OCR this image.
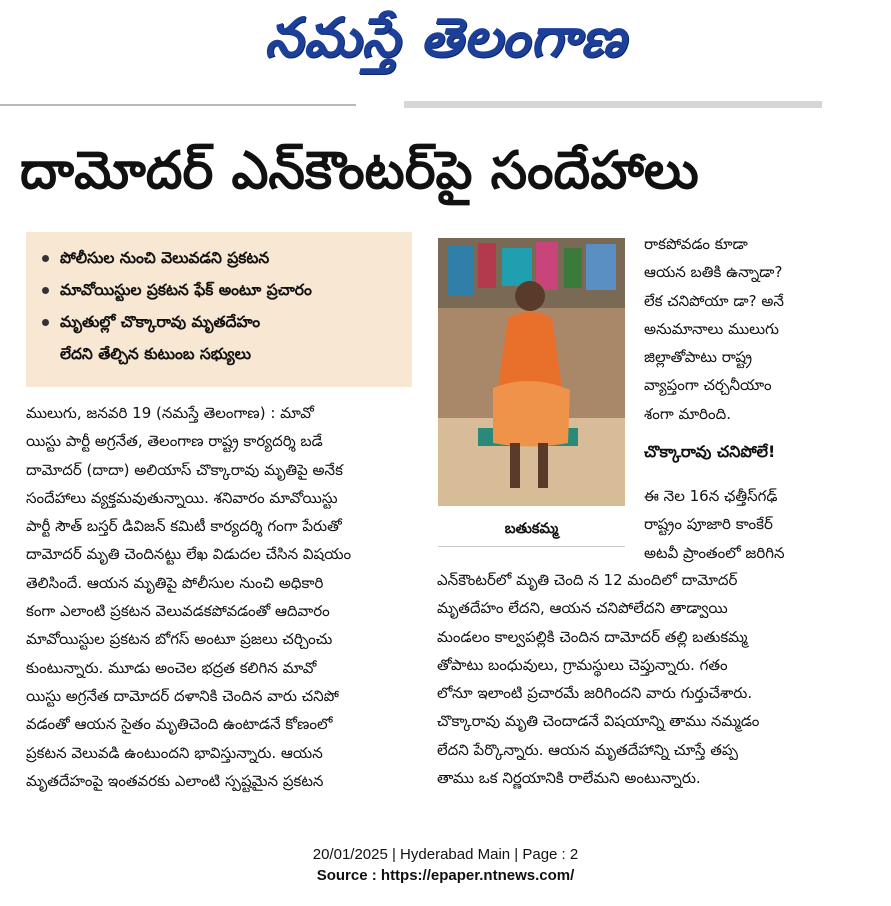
నమస్తే తెలంగాణ
దామోదర్ ఎన్‌కౌంటర్‌పై సందేహాలు
పోలీసుల నుంచి వెలువడని ప్రకటన
మావోయిస్టుల ప్రకటన ఫేక్ అంటూ ప్రచారం
మృతుల్లో చొక్కారావు మృతదేహం
లేదని తేల్చిన కుటుంబ సభ్యులు

ములుగు, జనవరి 19 (నమస్తే తెలంగాణ) : మావో

యిస్టు పార్టీ అగ్రనేత, తెలంగాణ రాష్ట్ర కార్యదర్శి బడే

దామోదర్ (దాదా) అలియాస్ చొక్కారావు మృతిపై అనేక

సందేహాలు వ్యక్తమవుతున్నాయి. శనివారం మావోయిస్టు

పార్టీ సౌత్ బస్తర్ డివిజన్ కమిటీ కార్యదర్శి గంగా పేరుతో

దామోదర్ మృతి చెందినట్టు లేఖ విడుదల చేసిన విషయం

తెలిసిందే. ఆయన మృతిపై పోలీసుల నుంచి అధికారి

కంగా ఎలాంటి ప్రకటన వెలువడకపోవడంతో ఆదివారం

మావోయిస్టుల ప్రకటన బోగస్ అంటూ ప్రజలు చర్చించు

కుంటున్నారు. మూడు అంచెల భద్రత కలిగిన మావో

యిస్టు అగ్రనేత దామోదర్ దళానికి చెందిన వారు చనిపో

వడంతో ఆయన సైతం మృతిచెంది ఉంటాడనే కోణంలో

ప్రకటన వెలువడి ఉంటుందని భావిస్తున్నారు. ఆయన

మృతదేహంపై ఇంతవరకు ఎలాంటి స్పష్టమైన ప్రకటన

బతుకమ్మ

రాకపోవడం కూడా

ఆయన బతికి ఉన్నాడా?

లేక చనిపోయా డా? అనే

అనుమానాలు ములుగు

జిల్లాతోపాటు రాష్ట్ర

వ్యాప్తంగా చర్చనీయాం

శంగా మారింది.

చొక్కారావు చనిపోలే!

ఈ నెల 16న ఛత్తీస్‌గఢ్

రాష్ట్రం పూజారి కాంకేర్

అటవీ ప్రాంతంలో జరిగిన

ఎన్‌కౌంటర్‌లో మృతి చెంది న 12 మందిలో దామోదర్

మృతదేహం లేదని, ఆయన చనిపోలేదని తాడ్వాయి

మండలం కాల్వపల్లికి చెందిన దామోదర్ తల్లి బతుకమ్మ

తోపాటు బంధువులు, గ్రామస్థులు చెప్తున్నారు. గతం

లోనూ ఇలాంటి ప్రచారమే జరిగిందని వారు గుర్తుచేశారు.

చొక్కారావు మృతి చెందాడనే విషయాన్ని తాము నమ్మడం

లేదని పేర్కొన్నారు. ఆయన మృతదేహాన్ని చూస్తే తప్ప

తాము ఒక నిర్ణయానికి రాలేమని అంటున్నారు.

20/01/2025 | Hyderabad Main | Page : 2
Source : https://epaper.ntnews.com/
